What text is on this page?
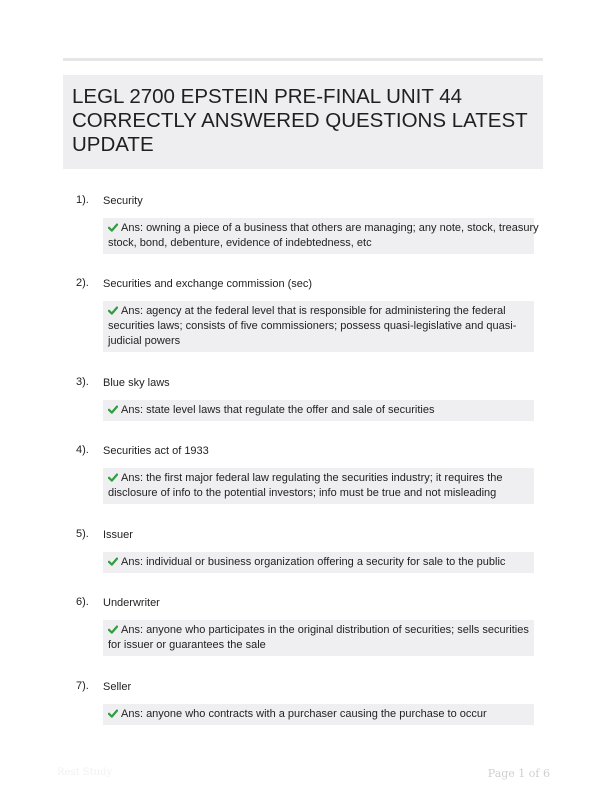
LEGL 2700 EPSTEIN PRE-FINAL UNIT 44
CORRECTLY ANSWERED QUESTIONS LATEST
UPDATE
1). Security
Ans: owning a piece of a business that others are managing; any note, stock, treasury
stock, bond, debenture, evidence of indebtedness, etc
2). Securities and exchange commission (sec)
Ans: agency at the federal level that is responsible for administering the federal
securities laws; consists of five commissioners; possess quasi-legislative and quasi-
judicial powers
3). Blue sky laws
Ans: state level laws that regulate the offer and sale of securities
4). Securities act of 1933
Ans: the first major federal law regulating the securities industry; it requires the
disclosure of info to the potential investors; info must be true and not misleading
5). Issuer
Ans: individual or business organization offering a security for sale to the public
6). Underwriter
Ans: anyone who participates in the original distribution of securities; sells securities
for issuer or guarantees the sale
7). Seller
Ans: anyone who contracts with a purchaser causing the purchase to occur
Rest Study	Page 1 of 6
